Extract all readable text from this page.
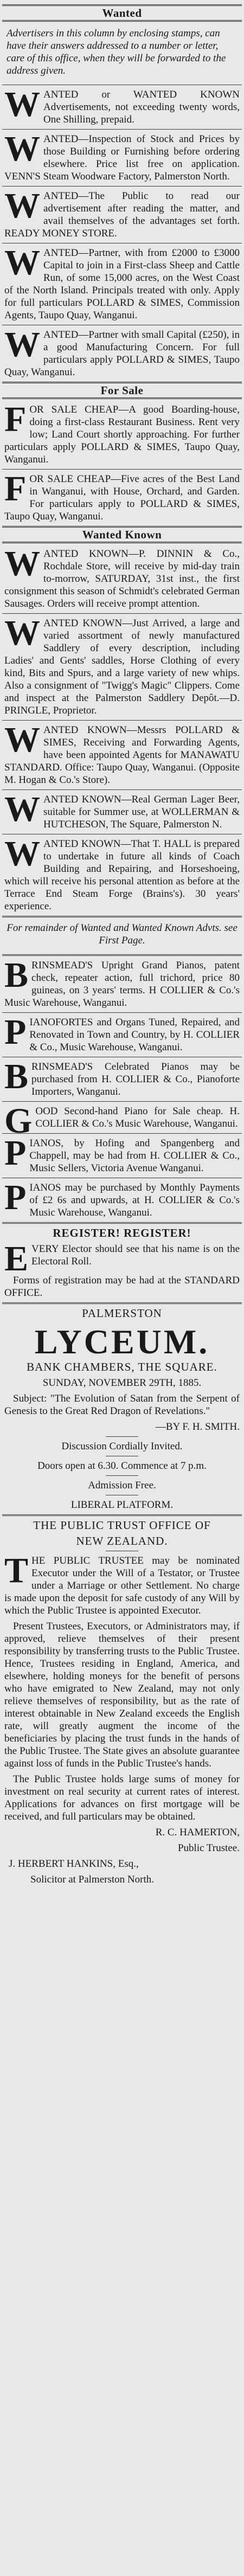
Wanted
Advertisers in this column by enclosing stamps, can have their answers addressed to a number or letter, care of this office, when they will be forwarded to the address given.
WANTED or WANTED KNOWN Advertisements, not exceeding twenty words, One Shilling, prepaid.
WANTED—Inspection of Stock and Prices by those Building or Furnishing before ordering elsewhere. Price list free on application. VENN'S Steam Woodware Factory, Palmerston North.
WANTED—The Public to read our advertisement after reading the matter, and avail themselves of the advantages set forth. READY MONEY STORE.
WANTED—Partner, with from £2000 to £3000 Capital to join in a First-class Sheep and Cattle Run, of some 15,000 acres, on the West Coast of the North Island. Principals treated with only. Apply for full particulars POLLARD & SIMES, Commission Agents, Taupo Quay, Wanganui.
WANTED—Partner with small Capital (£250), in a good Manufacturing Concern. For full particulars apply POLLARD & SIMES, Taupo Quay, Wanganui.
For Sale
FOR SALE CHEAP—A good Boarding-house, doing a first-class Restaurant Business. Rent very low; Land Court shortly approaching. For further particulars apply POLLARD & SIMES, Taupo Quay, Wanganui.
FOR SALE CHEAP—Five acres of the Best Land in Wanganui, with House, Orchard, and Garden. For particulars apply to POLLARD & SIMES, Taupo Quay, Wanganui.
Wanted Known
WANTED KNOWN—P. DINNIN & Co., Rochdale Store, will receive by mid-day train to-morrow, SATURDAY, 31st inst., the first consignment this season of Schmidt's celebrated German Sausages. Orders will receive prompt attention.
WANTED KNOWN—Just Arrived, a large and varied assortment of newly manufactured Saddlery of every description, including Ladies' and Gents' saddles, Horse Clothing of every kind, Bits and Spurs, and a large variety of new whips. Also a consignment of "Twigg's Magic" Clippers. Come and inspect at the Palmerston Saddlery Depôt.—D. PRINGLE, Proprietor.
WANTED KNOWN—Messrs POLLARD & SIMES, Receiving and Forwarding Agents, have been appointed Agents for MANAWATU STANDARD. Office: Taupo Quay, Wanganui. (Opposite M. Hogan & Co.'s Store).
WANTED KNOWN—Real German Lager Beer, suitable for Summer use, at WOLLERMAN & HUTCHESON, The Square, Palmerston N.
WANTED KNOWN—That T. HALL is prepared to undertake in future all kinds of Coach Building and Repairing, and Horseshoeing, which will receive his personal attention as before at the Terrace End Steam Forge (Brains's). 30 years' experience.
For remainder of Wanted and Wanted Known Advts. see First Page.
BRINSMEAD'S Upright Grand Pianos, patent check, repeater action, full trichord, price 80 guineas, on 3 years' terms. H COLLIER & Co.'s Music Warehouse, Wanganui.
PIANOFORTES and Organs Tuned, Repaired, and Renovated in Town and Country, by H. COLLIER & Co., Music Warehouse, Wanganui.
BRINSMEAD'S Celebrated Pianos may be purchased from H. COLLIER & Co., Pianoforte Importers, Wanganui.
GOOD Second-hand Piano for Sale cheap. H. COLLIER & Co.'s Music Warehouse, Wanganui.
PIANOS, by Hofing and Spangenberg and Chappell, may be had from H. COLLIER & Co., Music Sellers, Victoria Avenue Wanganui.
PIANOS may be purchased by Monthly Payments of £2 6s and upwards, at H. COLLIER & Co.'s Music Warehouse, Wanganui.
REGISTER! REGISTER!
EVERY Elector should see that his name is on the Electoral Roll.
Forms of registration may be had at the STANDARD OFFICE.
PALMERSTON
LYCEUM.
BANK CHAMBERS, THE SQUARE.
SUNDAY, NOVEMBER 29TH, 1885.
Subject: "The Evolution of Satan from the Serpent of Genesis to the Great Red Dragon of Revelations."
—BY F. H. SMITH.
Discussion Cordially Invited.
Doors open at 6.30. Commence at 7 p.m.
Admission Free.
LIBERAL PLATFORM.
THE PUBLIC TRUST OFFICE OF
NEW ZEALAND.
THE PUBLIC TRUSTEE may be nominated Executor under the Will of a Testator, or Trustee under a Marriage or other Settlement. No charge is made upon the deposit for safe custody of any Will by which the Public Trustee is appointed Executor.
Present Trustees, Executors, or Administrators may, if approved, relieve themselves of their present responsibility by transferring trusts to the Public Trustee. Hence, Trustees residing in England, America, and elsewhere, holding moneys for the benefit of persons who have emigrated to New Zealand, may not only relieve themselves of responsibility, but as the rate of interest obtainable in New Zealand exceeds the English rate, will greatly augment the income of the beneficiaries by placing the trust funds in the hands of the Public Trustee. The State gives an absolute guarantee against loss of funds in the Public Trustee's hands.
The Public Trustee holds large sums of money for investment on real security at current rates of interest. Applications for advances on first mortgage will be received, and full particulars may be obtained.
R. C. HAMERTON,
Public Trustee.
J. HERBERT HANKINS, Esq.,
Solicitor at Palmerston North.
